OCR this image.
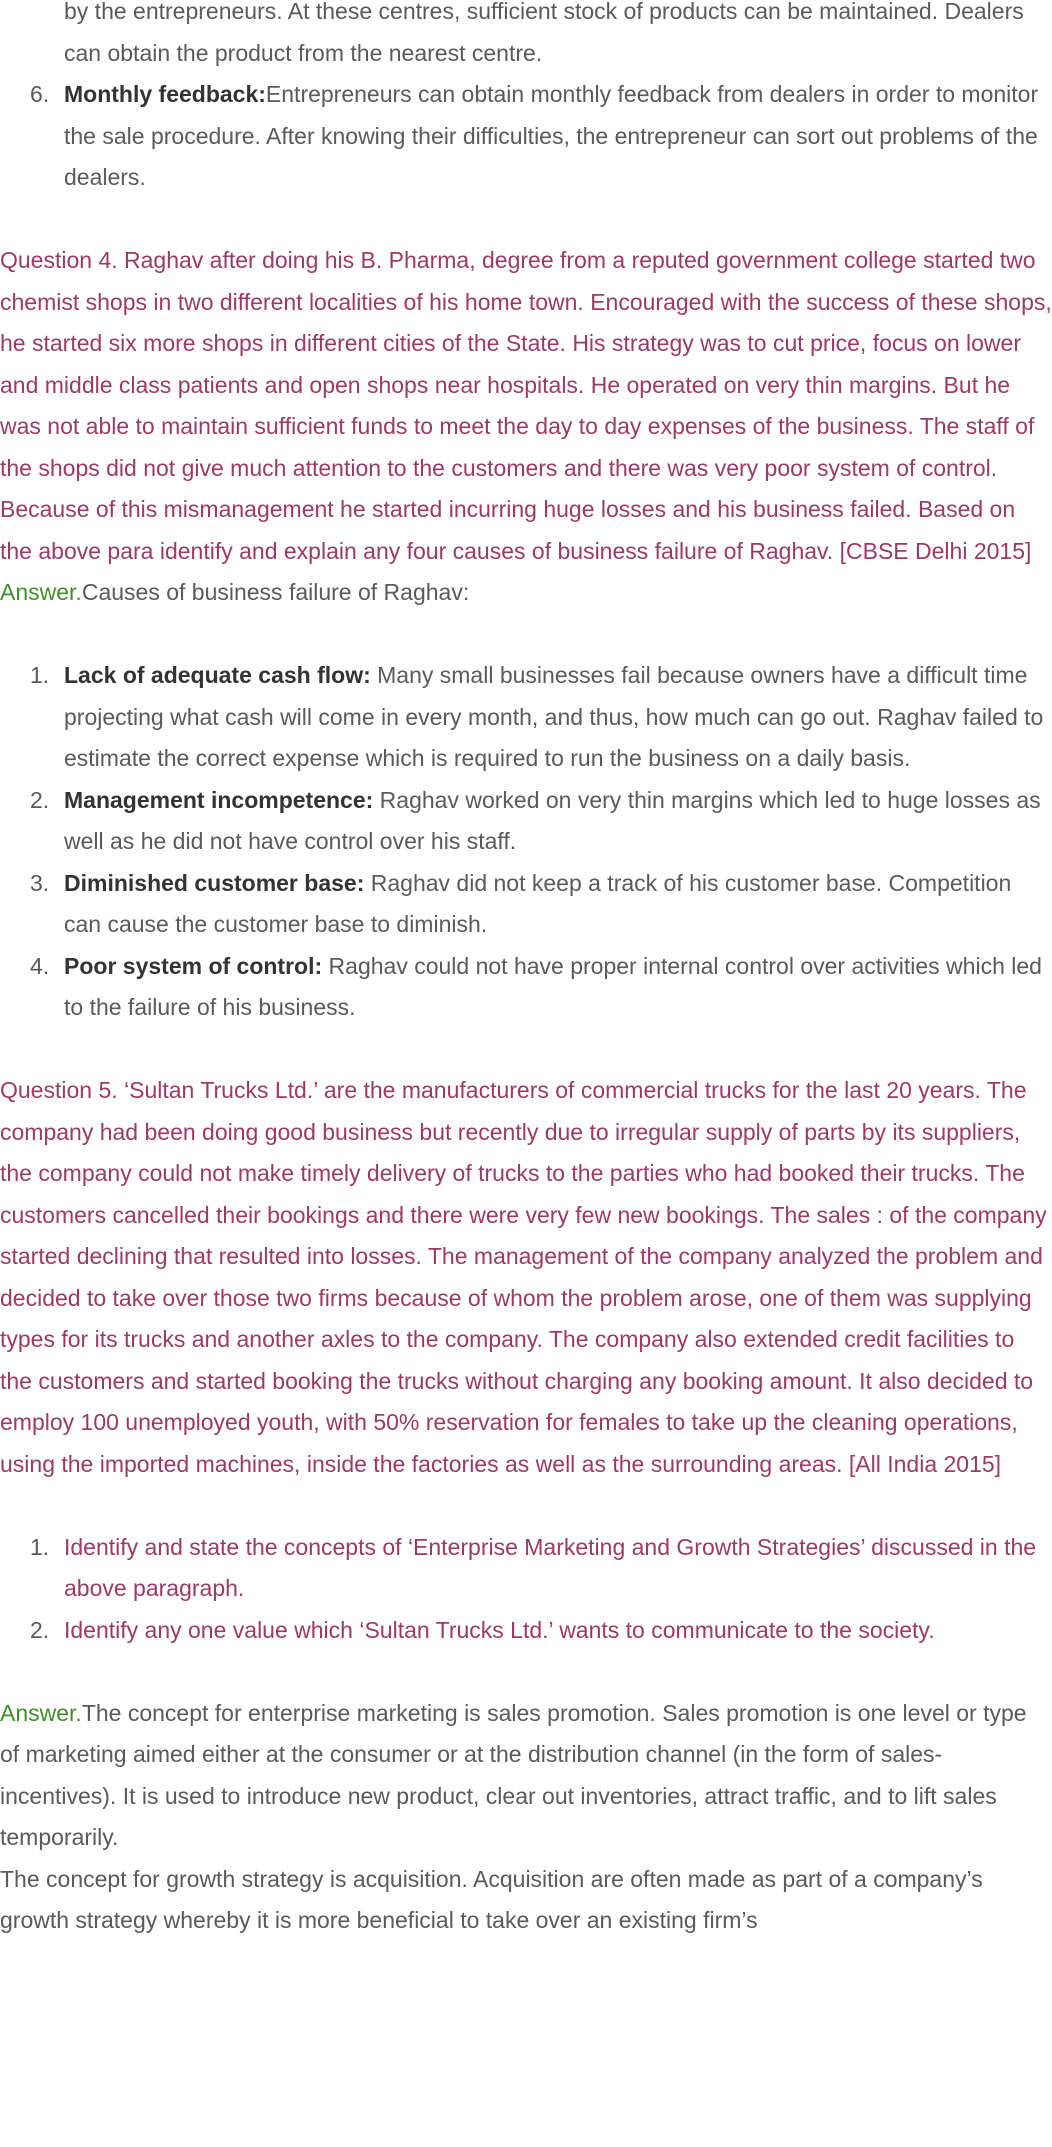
by the entrepreneurs. At these centres, sufficient stock of products can be maintained. Dealers can obtain the product from the nearest centre.
6. Monthly feedback:Entrepreneurs can obtain monthly feedback from dealers in order to monitor the sale procedure. After knowing their difficulties, the entrepreneur can sort out problems of the dealers.

Question 4. Raghav after doing his B. Pharma, degree from a reputed government college started two chemist shops in two different localities of his home town. Encouraged with the success of these shops, he started six more shops in different cities of the State. His strategy was to cut price, focus on lower and middle class patients and open shops near hospitals. He operated on very thin margins. But he was not able to maintain sufficient funds to meet the day to day expenses of the business. The staff of the shops did not give much attention to the customers and there was very poor system of control. Because of this mismanagement he started incurring huge losses and his business failed. Based on the above para identify and explain any four causes of business failure of Raghav. [CBSE Delhi 2015]

Answer.Causes of business failure of Raghav:

1. Lack of adequate cash flow: Many small businesses fail because owners have a difficult time projecting what cash will come in every month, and thus, how much can go out. Raghav failed to estimate the correct expense which is required to run the business on a daily basis.
2. Management incompetence: Raghav worked on very thin margins which led to huge losses as well as he did not have control over his staff.
3. Diminished customer base: Raghav did not keep a track of his customer base. Competition can cause the customer base to diminish.
4. Poor system of control: Raghav could not have proper internal control over activities which led to the failure of his business.

Question 5. ‘Sultan Trucks Ltd.’ are the manufacturers of commercial trucks for the last 20 years. The company had been doing good business but recently due to irregular supply of parts by its suppliers, the company could not make timely delivery of trucks to the parties who had booked their trucks. The customers cancelled their bookings and there were very few new bookings. The sales : of the company started declining that resulted into losses. The management of the company analyzed the problem and decided to take over those two firms because of whom the problem arose, one of them was supplying types for its trucks and another axles to the company. The company also extended credit facilities to the customers and started booking the trucks without charging any booking amount. It also decided to employ 100 unemployed youth, with 50% reservation for females to take up the cleaning operations, using the imported machines, inside the factories as well as the surrounding areas. [All India 2015]

1. Identify and state the concepts of ‘Enterprise Marketing and Growth Strategies’ discussed in the above paragraph.
2. Identify any one value which ‘Sultan Trucks Ltd.’ wants to communicate to the society.

Answer.The concept for enterprise marketing is sales promotion. Sales promotion is one level or type of marketing aimed either at the consumer or at the distribution channel (in the form of sales-incentives). It is used to introduce new product, clear out inventories, attract traffic, and to lift sales temporarily.

The concept for growth strategy is acquisition. Acquisition are often made as part of a company’s growth strategy whereby it is more beneficial to take over an existing firm’s
